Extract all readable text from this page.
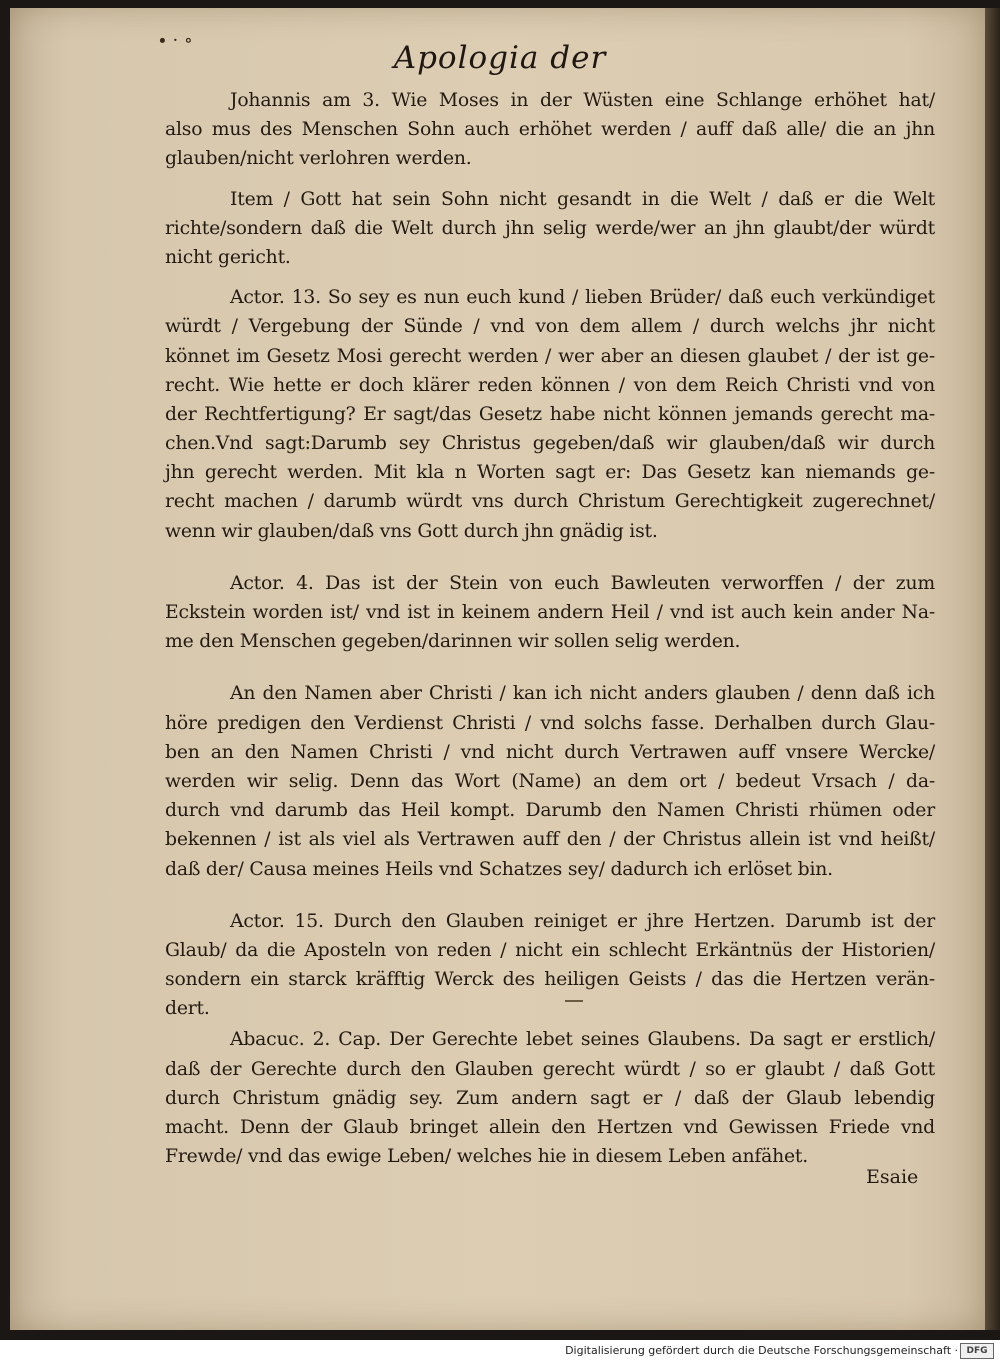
∙ · ∘	Apologia der
Johannis am 3. Wie Moses in der Wüsten eine Schlange erhöhet hat/
also mus des Menschen Sohn auch erhöhet werden / auff daß alle/ die an jhn
glauben/nicht verlohren werden.
Item / Gott hat sein Sohn nicht gesandt in die Welt / daß er die Welt
richte/sondern daß die Welt durch jhn selig werde/wer an jhn glaubt/der würdt
nicht gericht.
Actor. 13. So sey es nun euch kund / lieben Brüder/ daß euch verkündiget
würdt / Vergebung der Sünde / vnd von dem allem / durch welchs jhr nicht
könnet im Gesetz Mosi gerecht werden / wer aber an diesen glaubet / der ist ge-
recht. Wie hette er doch klärer reden können / von dem Reich Christi vnd von
der Rechtfertigung? Er sagt/das Gesetz habe nicht können jemands gerecht ma-
chen.Vnd sagt:Darumb sey Christus gegeben/daß wir glauben/daß wir durch
jhn gerecht werden. Mit kla n Worten sagt er: Das Gesetz kan niemands ge-
recht machen / darumb würdt vns durch Christum Gerechtigkeit zugerechnet/
wenn wir glauben/daß vns Gott durch jhn gnädig ist.
Actor. 4. Das ist der Stein von euch Bawleuten verworffen / der zum
Eckstein worden ist/ vnd ist in keinem andern Heil / vnd ist auch kein ander Na-
me den Menschen gegeben/darinnen wir sollen selig werden.
An den Namen aber Christi / kan ich nicht anders glauben / denn daß ich
höre predigen den Verdienst Christi / vnd solchs fasse. Derhalben durch Glau-
ben an den Namen Christi / vnd nicht durch Vertrawen auff vnsere Wercke/
werden wir selig. Denn das Wort (Name) an dem ort / bedeut Vrsach / da-
durch vnd darumb das Heil kompt. Darumb den Namen Christi rhümen oder
bekennen / ist als viel als Vertrawen auff den / der Christus allein ist vnd heißt/
daß der/ Causa meines Heils vnd Schatzes sey/ dadurch ich erlöset bin.
Actor. 15. Durch den Glauben reiniget er jhre Hertzen. Darumb ist der
Glaub/ da die Aposteln von reden / nicht ein schlecht Erkäntnüs der Historien/
sondern ein starck kräfftig Werck des heiligen Geists / das die Hertzen verän-
dert.
Abacuc. 2. Cap. Der Gerechte lebet seines Glaubens. Da sagt er erstlich/
daß der Gerechte durch den Glauben gerecht würdt / so er glaubt / daß Gott
durch Christum gnädig sey. Zum andern sagt er / daß der Glaub lebendig
macht. Denn der Glaub bringet allein den Hertzen vnd Gewissen Friede vnd
Frewde/ vnd das ewige Leben/ welches hie in diesem Leben anfähet.
Esaie
Digitalisierung gefördert durch die Deutsche Forschungsgemeinschaft · DFG
